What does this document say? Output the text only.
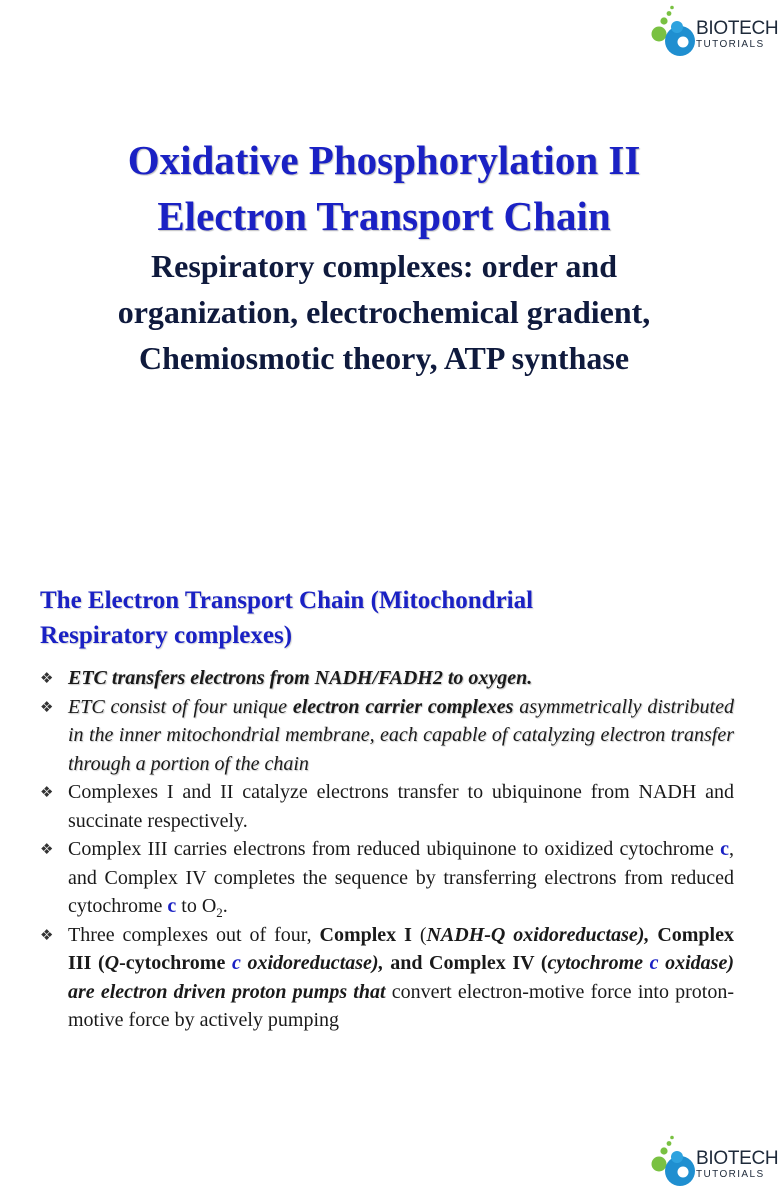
BIOTECH
TUTORIALS
Oxidative Phosphorylation II
Electron Transport Chain
Respiratory complexes: order and
organization, electrochemical gradient,
Chemiosmotic theory, ATP synthase
BIOTECH
TUTORIALS
The Electron Transport Chain (Mitochondrial
Respiratory complexes)
❖ ETC transfers electrons from NADH/FADH2 to oxygen.
❖ ETC consist of four unique electron carrier complexes asymmetrically distributed in the inner mitochondrial membrane, each capable of catalyzing electron transfer through a portion of the chain
❖ Complexes I and II catalyze electrons transfer to ubiquinone from NADH and succinate respectively.
❖ Complex III carries electrons from reduced ubiquinone to oxidized cytochrome c, and Complex IV completes the sequence by transferring electrons from reduced cytochrome c to $O_2$.
❖ Three complexes out of four, Complex I (NADH-Q oxidoreductase), Complex III (Q-cytochrome c oxidoreductase), and Complex IV (cytochrome c oxidase) are electron driven proton pumps that convert electron-motive force into proton-motive force by actively pumping
